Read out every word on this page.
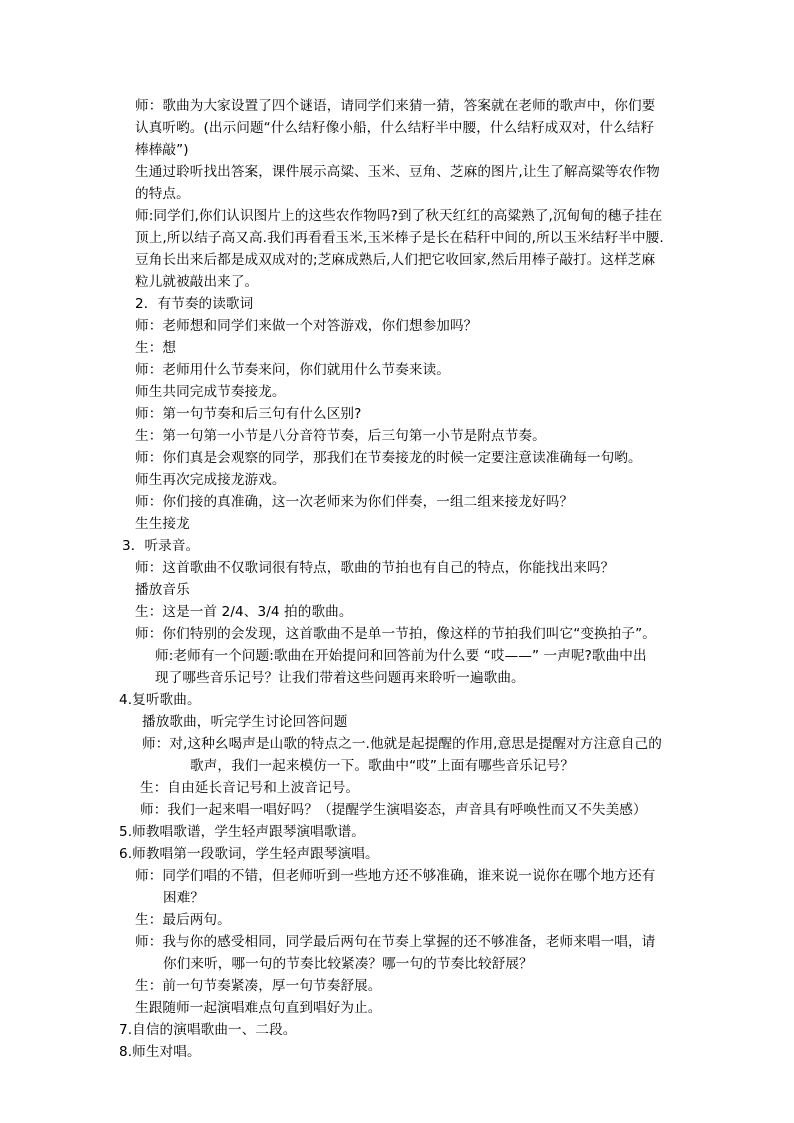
师：歌曲为大家设置了四个谜语，请同学们来猜一猜，答案就在老师的歌声中，你们要
认真听哟。(出示问题“什么结籽像小船，什么结籽半中腰，什么结籽成双对，什么结籽
棒棒敲”)
生通过聆听找出答案，课件展示高粱、玉米、豆角、芝麻的图片,让生了解高粱等农作物
的特点。
师:同学们,你们认识图片上的这些农作物吗?到了秋天红红的高粱熟了,沉甸甸的穗子挂在
顶上,所以结子高又高.我们再看看玉米,玉米棒子是长在秸秆中间的,所以玉米结籽半中腰.
豆角长出来后都是成双成对的;芝麻成熟后,人们把它收回家,然后用棒子敲打。这样芝麻
粒儿就被敲出来了。
2．有节奏的读歌词
师：老师想和同学们来做一个对答游戏，你们想参加吗？
生：想
师：老师用什么节奏来问，你们就用什么节奏来读。
师生共同完成节奏接龙。
师：第一句节奏和后三句有什么区别?
生：第一句第一小节是八分音符节奏，后三句第一小节是附点节奏。
师：你们真是会观察的同学，那我们在节奏接龙的时候一定要注意读准确每一句哟。
师生再次完成接龙游戏。
师：你们接的真准确，这一次老师来为你们伴奏，一组二组来接龙好吗？
生生接龙
3．听录音。
师：这首歌曲不仅歌词很有特点，歌曲的节拍也有自己的特点，你能找出来吗？
播放音乐
生：这是一首 2/4、3/4 拍的歌曲。
师：你们特别的会发现，这首歌曲不是单一节拍，像这样的节拍我们叫它“变换拍子”。
师:老师有一个问题:歌曲在开始提问和回答前为什么要 “哎——” 一声呢?歌曲中出
现了哪些音乐记号？让我们带着这些问题再来聆听一遍歌曲。
4.复听歌曲。
播放歌曲，听完学生讨论回答问题
师：对,这种幺喝声是山歌的特点之一.他就是起提醒的作用,意思是提醒对方注意自己的
歌声，我们一起来模仿一下。歌曲中“哎”上面有哪些音乐记号？
生：自由延长音记号和上波音记号。
师：我们一起来唱一唱好吗？（提醒学生演唱姿态，声音具有呼唤性而又不失美感）
5.师教唱歌谱，学生轻声跟琴演唱歌谱。
6.师教唱第一段歌词，学生轻声跟琴演唱。
师：同学们唱的不错，但老师听到一些地方还不够准确，谁来说一说你在哪个地方还有
困难？
生：最后两句。
师：我与你的感受相同，同学最后两句在节奏上掌握的还不够准备，老师来唱一唱，请
你们来听，哪一句的节奏比较紧凑？哪一句的节奏比较舒展？
生：前一句节奏紧凑，厚一句节奏舒展。
生跟随师一起演唱难点句直到唱好为止。
7.自信的演唱歌曲一、二段。
8.师生对唱。
